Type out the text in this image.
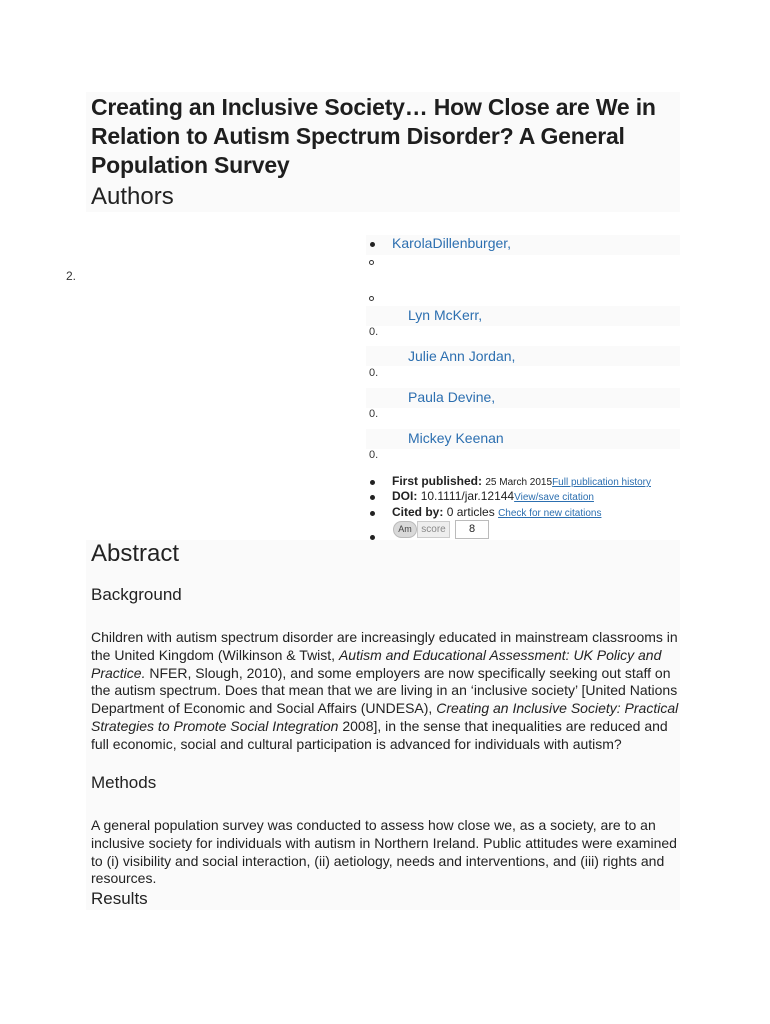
Creating an Inclusive Society… How Close are We in Relation to Autism Spectrum Disorder? A General Population Survey
Authors
2.
KarolaDillenburger,
Lyn McKerr,
0.
Julie Ann Jordan,
0.
Paula Devine,
0.
Mickey Keenan
0.
First published: 25 March 2015Full publication history
DOI: 10.1111/jar.12144View/save citation
Cited by: 0 articles Check for new citations
Am score	8
Abstract
Background

Children with autism spectrum disorder are increasingly educated in mainstream classrooms in the United Kingdom (Wilkinson & Twist, Autism and Educational Assessment: UK Policy and Practice. NFER, Slough, 2010), and some employers are now specifically seeking out staff on the autism spectrum. Does that mean that we are living in an ‘inclusive society’ [United Nations Department of Economic and Social Affairs (UNDESA), Creating an Inclusive Society: Practical Strategies to Promote Social Integration 2008], in the sense that inequalities are reduced and full economic, social and cultural participation is advanced for individuals with autism?

Methods

A general population survey was conducted to assess how close we, as a society, are to an inclusive society for individuals with autism in Northern Ireland. Public attitudes were examined to (i) visibility and social interaction, (ii) aetiology, needs and interventions, and (iii) rights and resources.

Results
